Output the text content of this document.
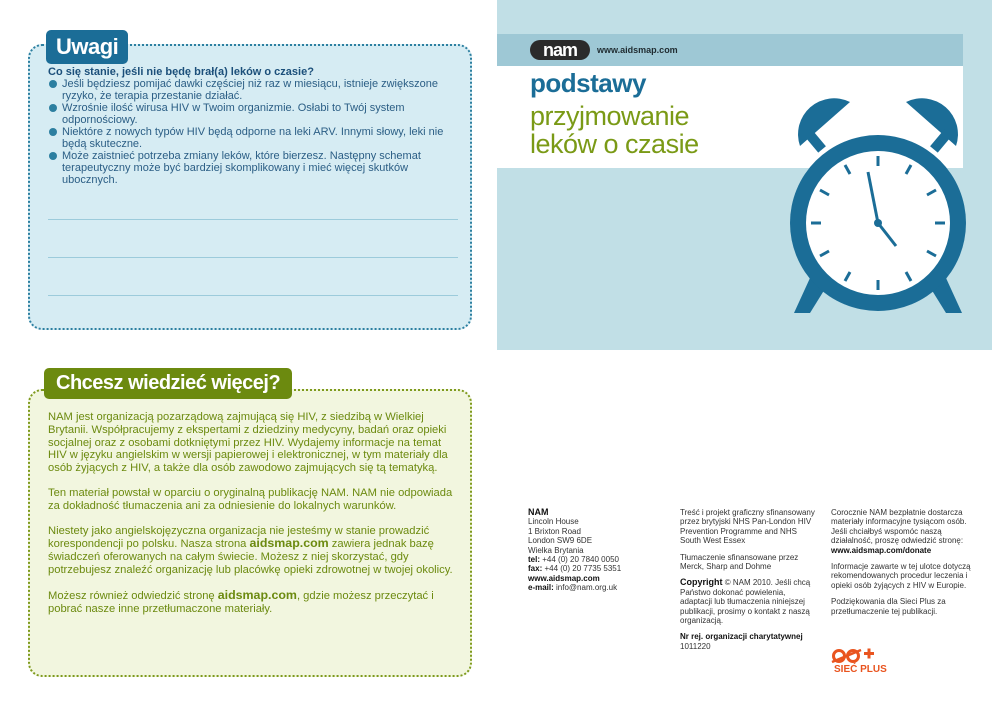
Uwagi
Co się stanie, jeśli nie będę brał(a) leków o czasie?
Jeśli będziesz pomijać dawki częściej niż raz w miesiącu, istnieje zwiększone ryzyko, że terapia przestanie działać.
Wzrośnie ilość wirusa HIV w Twoim organizmie. Osłabi to Twój system odpornościowy.
Niektóre z nowych typów HIV będą odporne na leki ARV. Innymi słowy, leki nie będą skuteczne.
Może zaistnieć potrzeba zmiany leków, które bierzesz. Następny schemat terapeutyczny może być bardziej skomplikowany i mieć więcej skutków ubocznych.
Chcesz wiedzieć więcej?

NAM jest organizacją pozarządową zajmującą się HIV, z siedzibą w Wielkiej Brytanii. Współpracujemy z ekspertami z dziedziny medycyny, badań oraz opieki socjalnej oraz z osobami dotkniętymi przez HIV. Wydajemy informacje na temat HIV w języku angielskim w wersji papierowej i elektronicznej, w tym materiały dla osób żyjących z HIV, a także dla osób zawodowo zajmujących się tą tematyką.

Ten materiał powstał w oparciu o oryginalną publikację NAM. NAM nie odpowiada za dokładność tłumaczenia ani za odniesienie do lokalnych warunków.

Niestety jako angielskojęzyczna organizacja nie jesteśmy w stanie prowadzić korespondencji po polsku. Nasza strona aidsmap.com zawiera jednak bazę świadczeń oferowanych na całym świecie. Możesz z niej skorzystać, gdy potrzebujesz znaleźć organizację lub placówkę opieki zdrowotnej w twojej okolicy.

Możesz również odwiedzić stronę aidsmap.com, gdzie możesz przeczytać i pobrać nasze inne przetłumaczone materiały.

nam	www.aidsmap.com
podstawy
przyjmowanie
leków o czasie
NAM
Lincoln House
1 Brixton Road
London SW9 6DE
Wielka Brytania
tel: +44 (0) 20 7840 0050
fax: +44 (0) 20 7735 5351
www.aidsmap.com
e-mail: info@nam.org.uk

Treść i projekt graficzny sfinansowany przez brytyjski NHS Pan-London HIV Prevention Programme and NHS South West Essex

Tłumaczenie sfinansowane przez Merck, Sharp and Dohme

Copyright © NAM 2010. Jeśli chcą Państwo dokonać powielenia, adaptacji lub tłumaczenia niniejszej publikacji, prosimy o kontakt z naszą organizacją.

Nr rej. organizacji charytatywnej
1011220
Corocznie NAM bezpłatnie dostarcza materiały informacyjne tysiącom osób. Jeśli chciałbyś wspomóc naszą działalność, proszę odwiedzić stronę:

www.aidsmap.com/donate

Informacje zawarte w tej ulotce dotyczą rekomendowanych procedur leczenia i opieki osób żyjących z HIV w Europie.

Podziękowania dla Sieci Plus za przetłumaczenie tej publikacji.

SIEĆ PLUS
